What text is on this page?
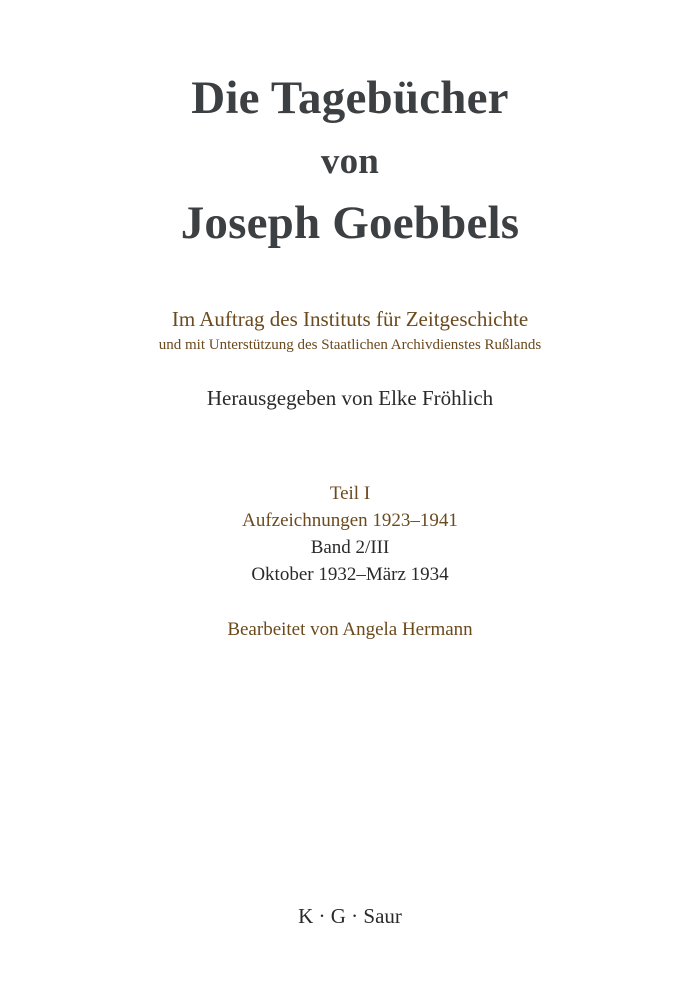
Die Tagebücher
von
Joseph Goebbels
Im Auftrag des Instituts für Zeitgeschichte
und mit Unterstützung des Staatlichen Archivdienstes Rußlands
Herausgegeben von Elke Fröhlich
Teil I
Aufzeichnungen 1923–1941
Band 2/III
Oktober 1932–März 1934
Bearbeitet von Angela Hermann
K · G · Saur
